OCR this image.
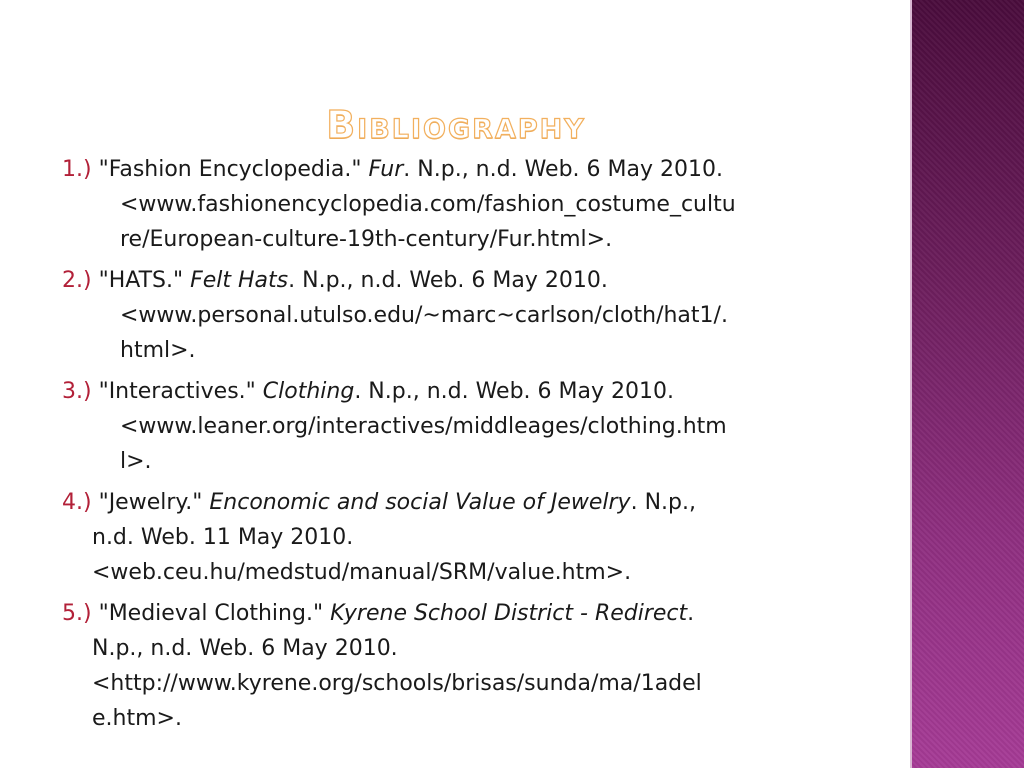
Bibliography
1.) "Fashion Encyclopedia." Fur. N.p., n.d. Web. 6 May 2010.
<www.fashionencyclopedia.com/fashion_costume_cultu
re/European-culture-19th-century/Fur.html>.
2.) "HATS." Felt Hats. N.p., n.d. Web. 6 May 2010.
<www.personal.utulso.edu/~marc~carlson/cloth/hat1/.
html>.
3.) "Interactives." Clothing. N.p., n.d. Web. 6 May 2010.
<www.leaner.org/interactives/middleages/clothing.htm
l>.
4.) "Jewelry." Enconomic and social Value of Jewelry. N.p.,
n.d. Web. 11 May 2010.
<web.ceu.hu/medstud/manual/SRM/value.htm>.
5.) "Medieval Clothing." Kyrene School District - Redirect.
N.p., n.d. Web. 6 May 2010.
<http://www.kyrene.org/schools/brisas/sunda/ma/1adel
e.htm>.
